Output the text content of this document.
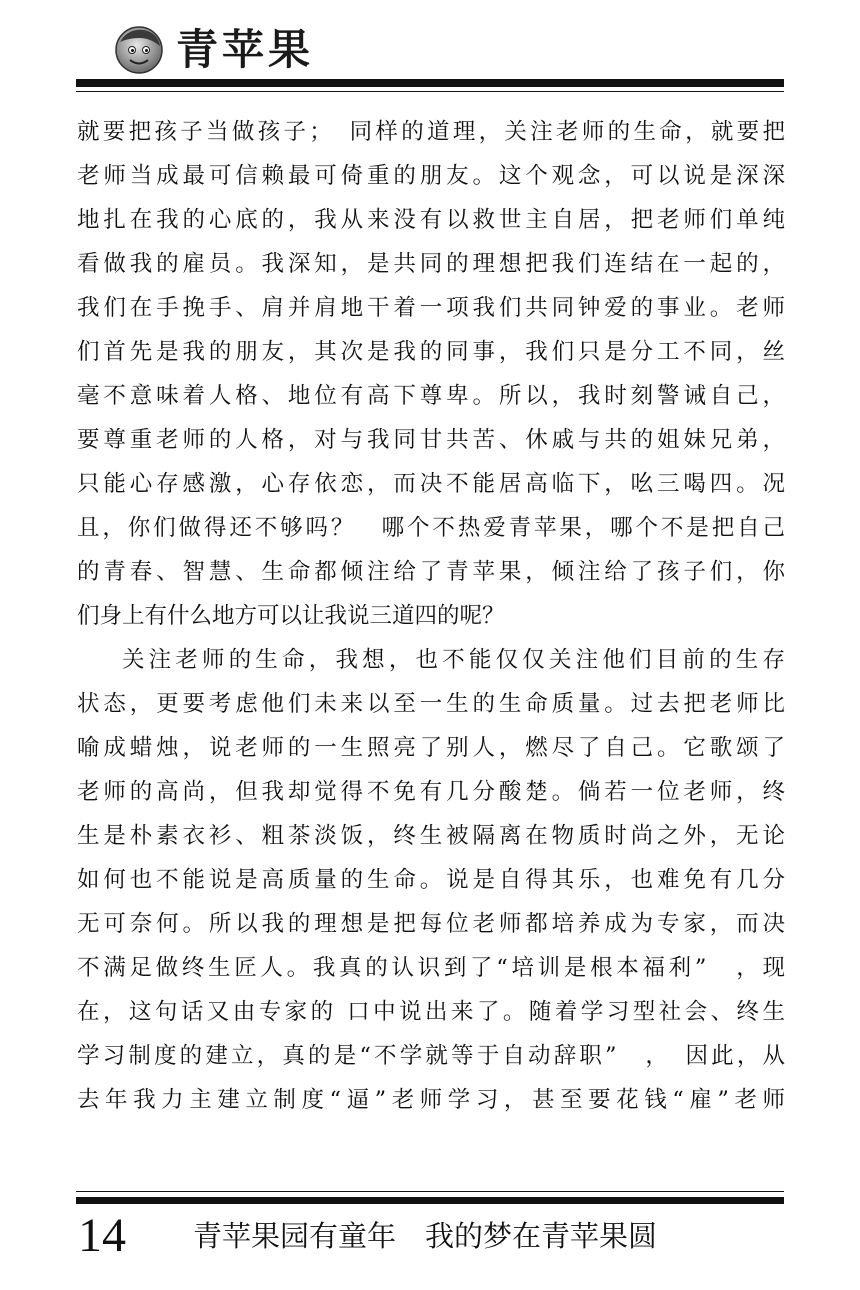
青苹果
就要把孩子当做孩子；　同样的道理，关注老师的生命，就要把
老师当成最可信赖最可倚重的朋友。这个观念，可以说是深深
地扎在我的心底的，我从来没有以救世主自居，把老师们单纯
看做我的雇员。我深知，是共同的理想把我们连结在一起的，
我们在手挽手、肩并肩地干着一项我们共同钟爱的事业。老师
们首先是我的朋友，其次是我的同事，我们只是分工不同，丝
毫不意味着人格、地位有高下尊卑。所以，我时刻警诫自己，
要尊重老师的人格，对与我同甘共苦、休戚与共的姐妹兄弟，
只能心存感激，心存依恋，而决不能居高临下，吆三喝四。况
且，你们做得还不够吗？　哪个不热爱青苹果，哪个不是把自己
的青春、智慧、生命都倾注给了青苹果，倾注给了孩子们，你
们身上有什么地方可以让我说三道四的呢？
关注老师的生命，我想，也不能仅仅关注他们目前的生存
状态，更要考虑他们未来以至一生的生命质量。过去把老师比
喻成蜡烛，说老师的一生照亮了别人，燃尽了自己。它歌颂了
老师的高尚，但我却觉得不免有几分酸楚。倘若一位老师，终
生是朴素衣衫、粗茶淡饭，终生被隔离在物质时尚之外，无论
如何也不能说是高质量的生命。说是自得其乐，也难免有几分
无可奈何。所以我的理想是把每位老师都培养成为专家，而决
不满足做终生匠人。我真的认识到了“培训是根本福利”　，现
在，这句话又由专家的 口中说出来了。随着学习型社会、终生
学习制度的建立，真的是“不学就等于自动辞职”　，　因此，从
去年我力主建立制度“逼”老师学习，甚至要花钱“雇”老师
14 青苹果园有童年　我的梦在青苹果圆
